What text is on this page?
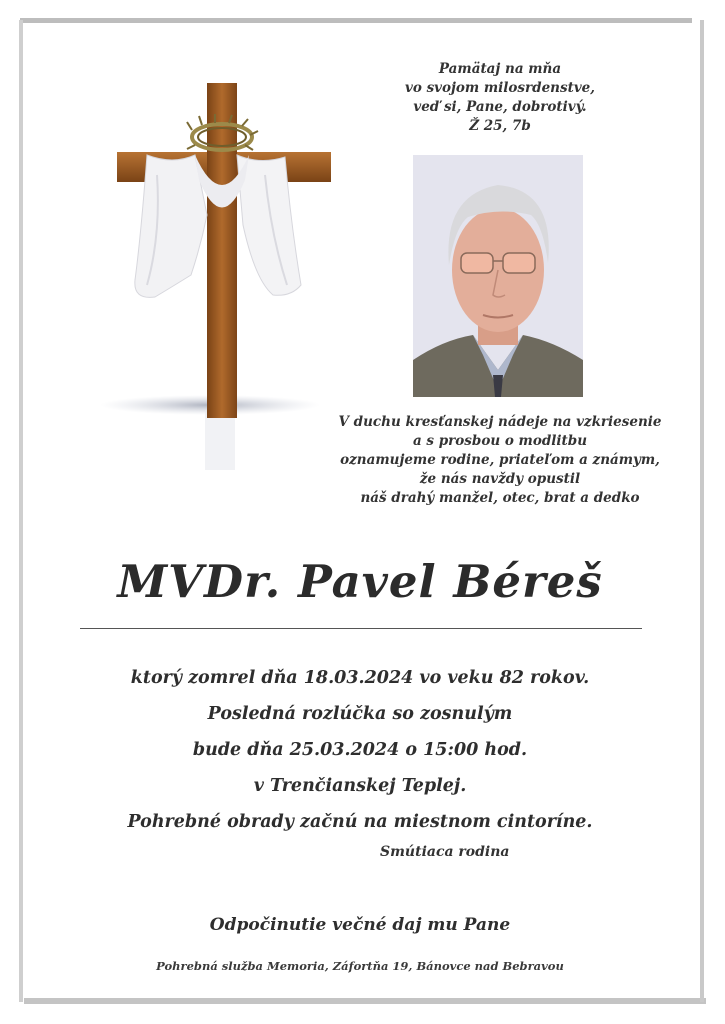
Pamätaj na mňa
vo svojom milosrdenstve,
veď si, Pane, dobrotivý.
Ž 25, 7b
V duchu kresťanskej nádeje na vzkriesenie
a s prosbou o modlitbu
oznamujeme rodine, priateľom a známym,
že nás navždy opustil
náš drahý manžel, otec, brat a dedko
MVDr. Pavel Béreš
ktorý zomrel dňa 18.03.2024 vo veku 82 rokov.
Posledná rozlúčka so zosnulým
bude dňa 25.03.2024 o 15:00 hod.
v Trenčianskej Teplej.
Pohrebné obrady začnú na miestnom cintoríne.
Smútiaca rodina
Odpočinutie večné daj mu Pane
Pohrebná služba Memoria, Záfortňa 19, Bánovce nad Bebravou
